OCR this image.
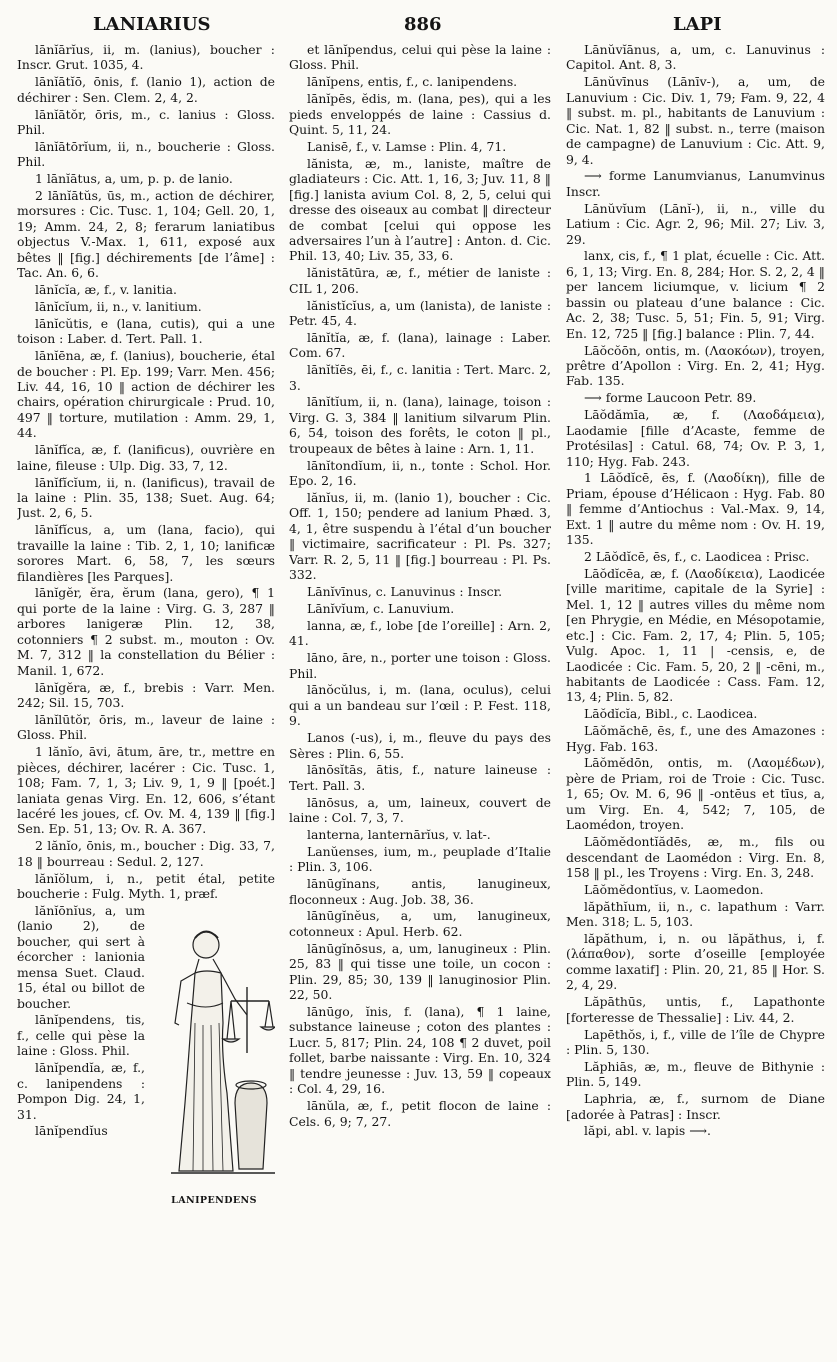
LANIARIUS	886	LAPI

lānĭārĭus, ii, m. (lanius), boucher : Inscr. Grut. 1035, 4.

lānĭātĭō, ōnis, f. (lanio 1), action de déchirer : Sen. Clem. 2, 4, 2.

lānĭātŏr, ōris, m., c. lanius : Gloss. Phil.

lānĭātōrĭum, ii, n., boucherie : Gloss. Phil.

1 lānĭātus, a, um, p. p. de lanio.

2 lānĭātŭs, ūs, m., action de déchirer, morsures : Cic. Tusc. 1, 104; Gell. 20, 1, 19; Amm. 24, 2, 8; ferarum laniatibus objectus V.-Max. 1, 611, exposé aux bêtes ‖ [fig.] déchirements [de l’âme] : Tac. An. 6, 6.

lānĭcĭa, æ, f., v. lanitia.

lānĭcĭum, ii, n., v. lanitium.

lānĭcŭtis, e (lana, cutis), qui a une toison : Laber. d. Tert. Pall. 1.

lānĭēna, æ, f. (lanius), boucherie, étal de boucher : Pl. Ep. 199; Varr. Men. 456; Liv. 44, 16, 10 ‖ action de déchirer les chairs, opération chirurgicale : Prud. 10, 497 ‖ torture, mutilation : Amm. 29, 1, 44.

lānĭfĭca, æ, f. (lanificus), ouvrière en laine, fileuse : Ulp. Dig. 33, 7, 12.

lānĭfĭcĭum, ii, n. (lanificus), travail de la laine : Plin. 35, 138; Suet. Aug. 64; Just. 2, 6, 5.

lānĭfĭcus, a, um (lana, facio), qui travaille la laine : Tib. 2, 1, 10; lanificæ sorores Mart. 6, 58, 7, les sœurs filandières [les Parques].

lānĭgĕr, ĕra, ĕrum (lana, gero), ¶ 1 qui porte de la laine : Virg. G. 3, 287 ‖ arbores lanigeræ Plin. 12, 38, cotonniers ¶ 2 subst. m., mouton : Ov. M. 7, 312 ‖ la constellation du Bélier : Manil. 1, 672.

lānĭgĕra, æ, f., brebis : Varr. Men. 242; Sil. 15, 703.

lānĭlūtŏr, ōris, m., laveur de laine : Gloss. Phil.

1 lănĭo, āvi, ātum, āre, tr., mettre en pièces, déchirer, lacérer : Cic. Tusc. 1, 108; Fam. 7, 1, 3; Liv. 9, 1, 9 ‖ [poét.] laniata genas Virg. En. 12, 606, s’étant lacéré les joues, cf. Ov. M. 4, 139 ‖ [fig.] Sen. Ep. 51, 13; Ov. R. A. 367.

2 lănĭo, ōnis, m., boucher : Dig. 33, 7, 18 ‖ bourreau : Sedul. 2, 127.

lănĭŏlum, i, n., petit étal, petite boucherie : Fulg. Myth. 1, præf.

LANIPENDENS

lănĭōnĭus, a, um (lanio 2), de boucher, qui sert à écorcher : lanionia mensa Suet. Claud. 15, étal ou billot de boucher.

lānĭpendens, tis, f., celle qui pèse la laine : Gloss. Phil.

lānĭpendĭa, æ, f., c. lanipendens : Pompon Dig. 24, 1, 31.

lānĭpendĭus

et lānĭpendus, celui qui pèse la laine : Gloss. Phil.

lānĭpens, entis, f., c. lanipendens.

lānĭpēs, ĕdis, m. (lana, pes), qui a les pieds enveloppés de laine : Cassius d. Quint. 5, 11, 24.

Lanisē, f., v. Lamse : Plin. 4, 71.

lănista, æ, m., laniste, maître de gladiateurs : Cic. Att. 1, 16, 3; Juv. 11, 8 ‖ [fig.] lanista avium Col. 8, 2, 5, celui qui dresse des oiseaux au combat ‖ directeur de combat [celui qui oppose les adversaires l’un à l’autre] : Anton. d. Cic. Phil. 13, 40; Liv. 35, 33, 6.

lănistātūra, æ, f., métier de laniste : CIL 1, 206.

lănistĭcĭus, a, um (lanista), de laniste : Petr. 45, 4.

lānĭtĭa, æ, f. (lana), lainage : Laber. Com. 67.

lānĭtĭēs, ēi, f., c. lanitia : Tert. Marc. 2, 3.

lānĭtĭum, ii, n. (lana), lainage, toison : Virg. G. 3, 384 ‖ lanitium silvarum Plin. 6, 54, toison des forêts, le coton ‖ pl., troupeaux de bêtes à laine : Arn. 1, 11.

lānĭtondĭum, ii, n., tonte : Schol. Hor. Epo. 2, 16.

lănĭus, ii, m. (lanio 1), boucher : Cic. Off. 1, 150; pendere ad lanium Phæd. 3, 4, 1, être suspendu à l’étal d’un boucher ‖ victimaire, sacrificateur : Pl. Ps. 327; Varr. R. 2, 5, 11 ‖ [fig.] bourreau : Pl. Ps. 332.

Lānĭvīnus, c. Lanuvinus : Inscr.

Lānĭvĭum, c. Lanuvium.

lanna, æ, f., lobe [de l’oreille] : Arn. 2, 41.

lāno, āre, n., porter une toison : Gloss. Phil.

lānŏcŭlus, i, m. (lana, oculus), celui qui a un bandeau sur l’œil : P. Fest. 118, 9.

Lanos (-us), i, m., fleuve du pays des Sères : Plin. 6, 55.

lānōsĭtās, ātis, f., nature laineuse : Tert. Pall. 3.

lānōsus, a, um, laineux, couvert de laine : Col. 7, 3, 7.

lanterna, lanternārĭus, v. lat-.

Lanŭenses, ium, m., peuplade d’Italie : Plin. 3, 106.

lānūgĭnans, antis, lanugineux, floconneux : Aug. Job. 38, 36.

lānūgĭnĕus, a, um, lanugineux, cotonneux : Apul. Herb. 62.

lānūgĭnōsus, a, um, lanugineux : Plin. 25, 83 ‖ qui tisse une toile, un cocon : Plin. 29, 85; 30, 139 ‖ lanuginosior Plin. 22, 50.

lānūgo, ĭnis, f. (lana), ¶ 1 laine, substance laineuse ; coton des plantes : Lucr. 5, 817; Plin. 24, 108 ¶ 2 duvet, poil follet, barbe naissante : Virg. En. 10, 324 ‖ tendre jeunesse : Juv. 13, 59 ‖ copeaux : Col. 4, 29, 16.

lānŭla, æ, f., petit flocon de laine : Cels. 6, 9; 7, 27.

Lānŭvĭānus, a, um, c. Lanuvinus : Capitol. Ant. 8, 3.

Lānŭvīnus (Lānīv-), a, um, de Lanuvium : Cic. Div. 1, 79; Fam. 9, 22, 4 ‖ subst. m. pl., habitants de Lanuvium : Cic. Nat. 1, 82 ‖ subst. n., terre (maison de campagne) de Lanuvium : Cic. Att. 9, 9, 4.

⟶ forme Lanumvianus, Lanumvinus Inscr.

Lānŭvĭum (Lānĭ-), ii, n., ville du Latium : Cic. Agr. 2, 96; Mil. 27; Liv. 3, 29.

lanx, cis, f., ¶ 1 plat, écuelle : Cic. Att. 6, 1, 13; Virg. En. 8, 284; Hor. S. 2, 2, 4 ‖ per lancem liciumque, v. licium ¶ 2 bassin ou plateau d’une balance : Cic. Ac. 2, 38; Tusc. 5, 51; Fin. 5, 91; Virg. En. 12, 725 ‖ [fig.] balance : Plin. 7, 44.

Lāŏcŏōn, ontis, m. (Λαοκόων), troyen, prêtre d’Apollon : Virg. En. 2, 41; Hyg. Fab. 135.

⟶ forme Laucoon Petr. 89.

Lāŏdămīa, æ, f. (Λαοδάμεια), Laodamie [fille d’Acaste, femme de Protésilas] : Catul. 68, 74; Ov. P. 3, 1, 110; Hyg. Fab. 243.

1 Lāŏdĭcē, ēs, f. (Λαοδίκη), fille de Priam, épouse d’Hélicaon : Hyg. Fab. 80 ‖ femme d’Antiochus : Val.-Max. 9, 14, Ext. 1 ‖ autre du même nom : Ov. H. 19, 135.

2 Lāŏdĭcē, ēs, f., c. Laodicea : Prisc.

Lāŏdĭcēa, æ, f. (Λαοδίκεια), Laodicée [ville maritime, capitale de la Syrie] : Mel. 1, 12 ‖ autres villes du même nom [en Phrygie, en Médie, en Mésopotamie, etc.] : Cic. Fam. 2, 17, 4; Plin. 5, 105; Vulg. Apoc. 1, 11 | -censis, e, de Laodicée : Cic. Fam. 5, 20, 2 ‖ -cēni, m., habitants de Laodicée : Cass. Fam. 12, 13, 4; Plin. 5, 82.

Lāŏdĭcĭa, Bibl., c. Laodicea.

Lāŏmăchē, ēs, f., une des Amazones : Hyg. Fab. 163.

Lāŏmĕdōn, ontis, m. (Λαομέδων), père de Priam, roi de Troie : Cic. Tusc. 1, 65; Ov. M. 6, 96 ‖ -ontēus et tīus, a, um Virg. En. 4, 542; 7, 105, de Laomédon, troyen.

Lāŏmĕdontĭădēs, æ, m., fils ou descendant de Laomédon : Virg. En. 8, 158 ‖ pl., les Troyens : Virg. En. 3, 248.

Lāŏmĕdontĭus, v. Laomedon.

lăpăthĭum, ii, n., c. lapathum : Varr. Men. 318; L. 5, 103.

lăpăthum, i, n. ou lăpăthus, i, f. (λάπαθον), sorte d’oseille [employée comme laxatif] : Plin. 20, 21, 85 ‖ Hor. S. 2, 4, 29.

Lăpāthūs, untis, f., Lapathonte [forteresse de Thessalie] : Liv. 44, 2.

Lapēthŏs, i, f., ville de l’île de Chypre : Plin. 5, 130.

Lăphiās, æ, m., fleuve de Bithynie : Plin. 5, 149.

Laphria, æ, f., surnom de Diane [adorée à Patras] : Inscr.

lăpi, abl. v. lapis ⟶.
